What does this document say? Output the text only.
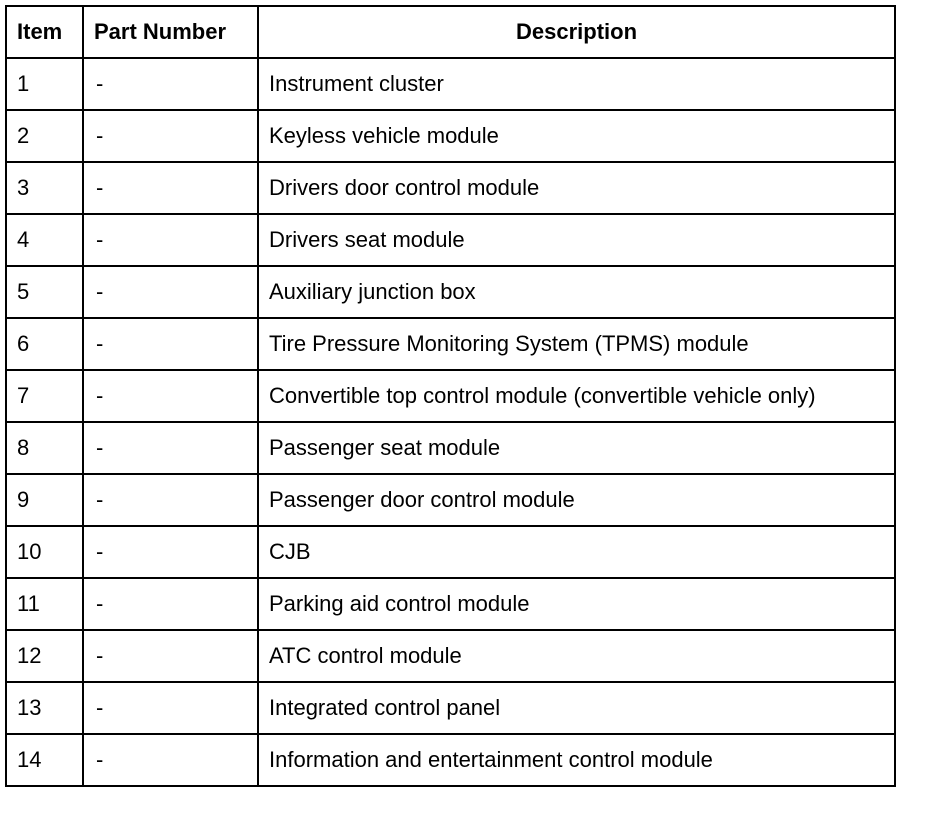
Item	Part Number	Description
1	-	Instrument cluster
2	-	Keyless vehicle module
3	-	Drivers door control module
4	-	Drivers seat module
5	-	Auxiliary junction box
6	-	Tire Pressure Monitoring System (TPMS) module
7	-	Convertible top control module (convertible vehicle only)
8	-	Passenger seat module
9	-	Passenger door control module
10	-	CJB
11	-	Parking aid control module
12	-	ATC control module
13	-	Integrated control panel
14	-	Information and entertainment control module
